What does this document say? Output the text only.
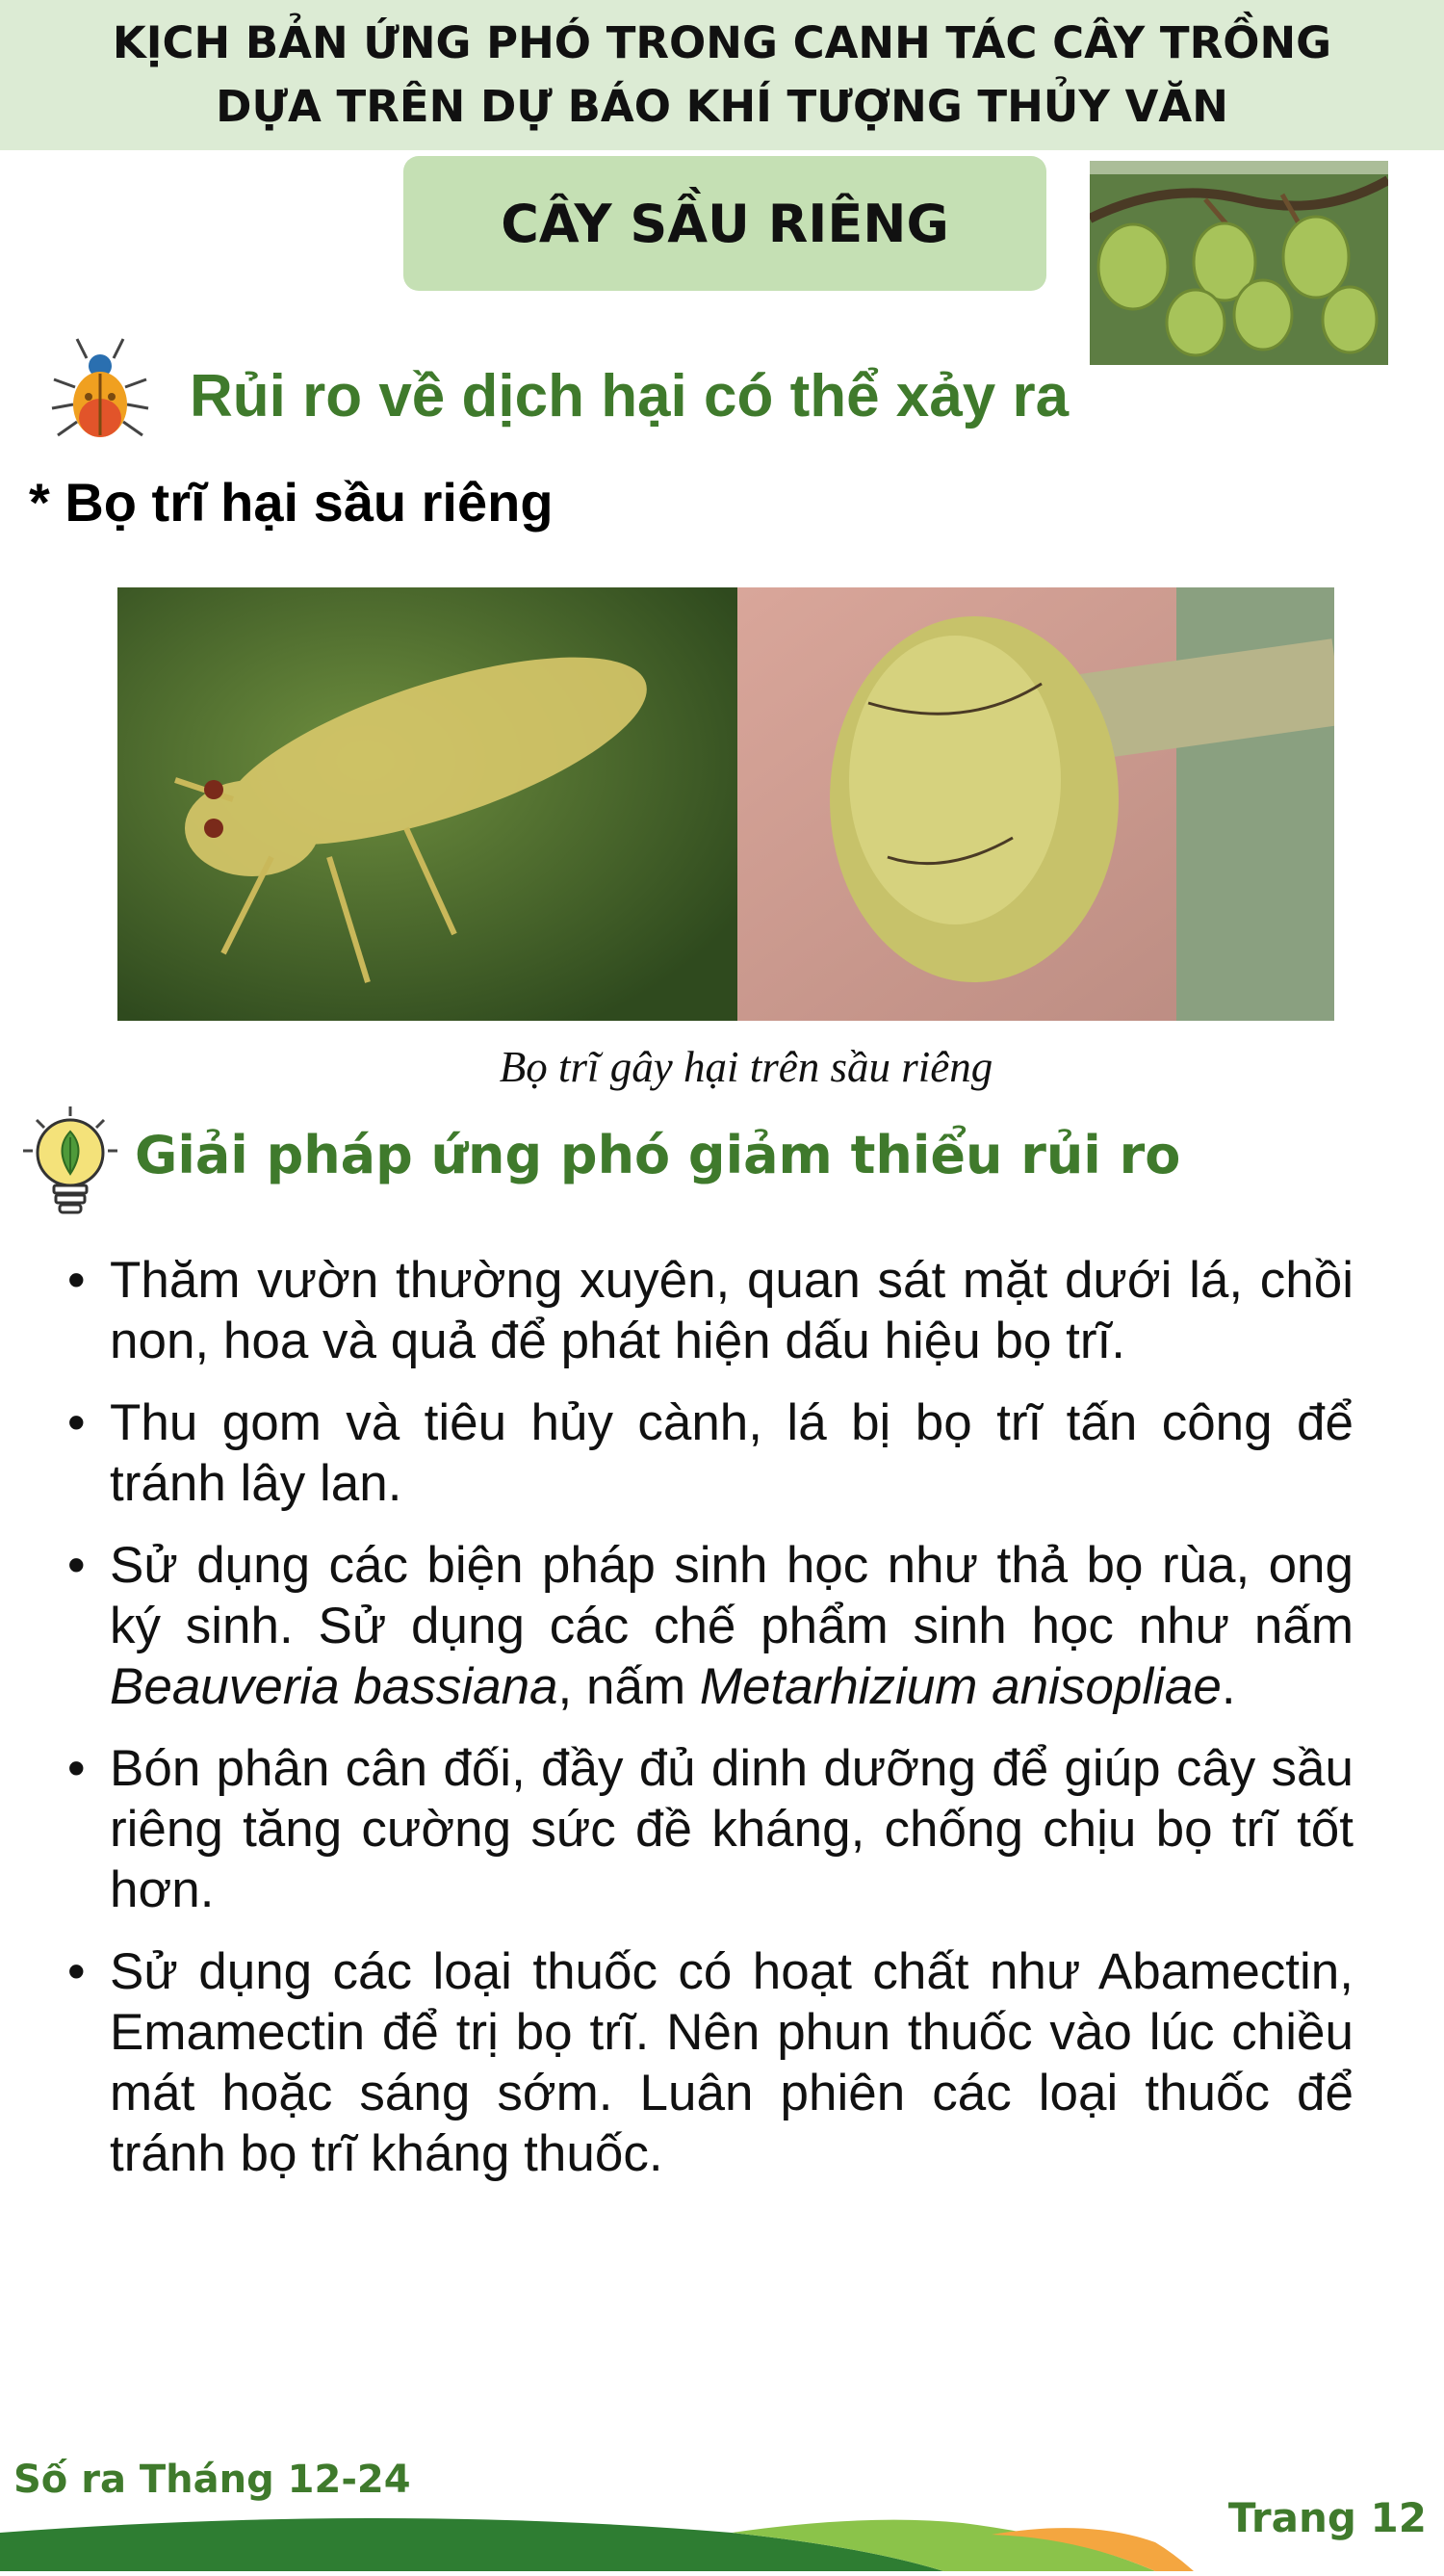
KỊCH BẢN ỨNG PHÓ TRONG CANH TÁC CÂY TRỒNG
DỰA TRÊN DỰ BÁO KHÍ TƯỢNG THỦY VĂN
CÂY SẦU RIÊNG
Rủi ro về dịch hại có thể xảy ra
* Bọ trĩ hại sầu riêng
Bọ trĩ gây hại trên sầu riêng
Giải pháp ứng phó giảm thiểu rủi ro
• Thăm vườn thường xuyên, quan sát mặt dưới lá, chồi non, hoa và quả để phát hiện dấu hiệu bọ trĩ.
• Thu gom và tiêu hủy cành, lá bị bọ trĩ tấn công để tránh lây lan.
• Sử dụng các biện pháp sinh học như thả bọ rùa, ong ký sinh. Sử dụng các chế phẩm sinh học như nấm Beauveria bassiana, nấm Metarhizium anisopliae.
• Bón phân cân đối, đầy đủ dinh dưỡng để giúp cây sầu riêng tăng cường sức đề kháng, chống chịu bọ trĩ tốt hơn.
• Sử dụng các loại thuốc có hoạt chất như Abamectin, Emamectin để trị bọ trĩ. Nên phun thuốc vào lúc chiều mát hoặc sáng sớm. Luân phiên các loại thuốc để tránh bọ trĩ kháng thuốc.
Số ra Tháng 12-24
Trang 12
